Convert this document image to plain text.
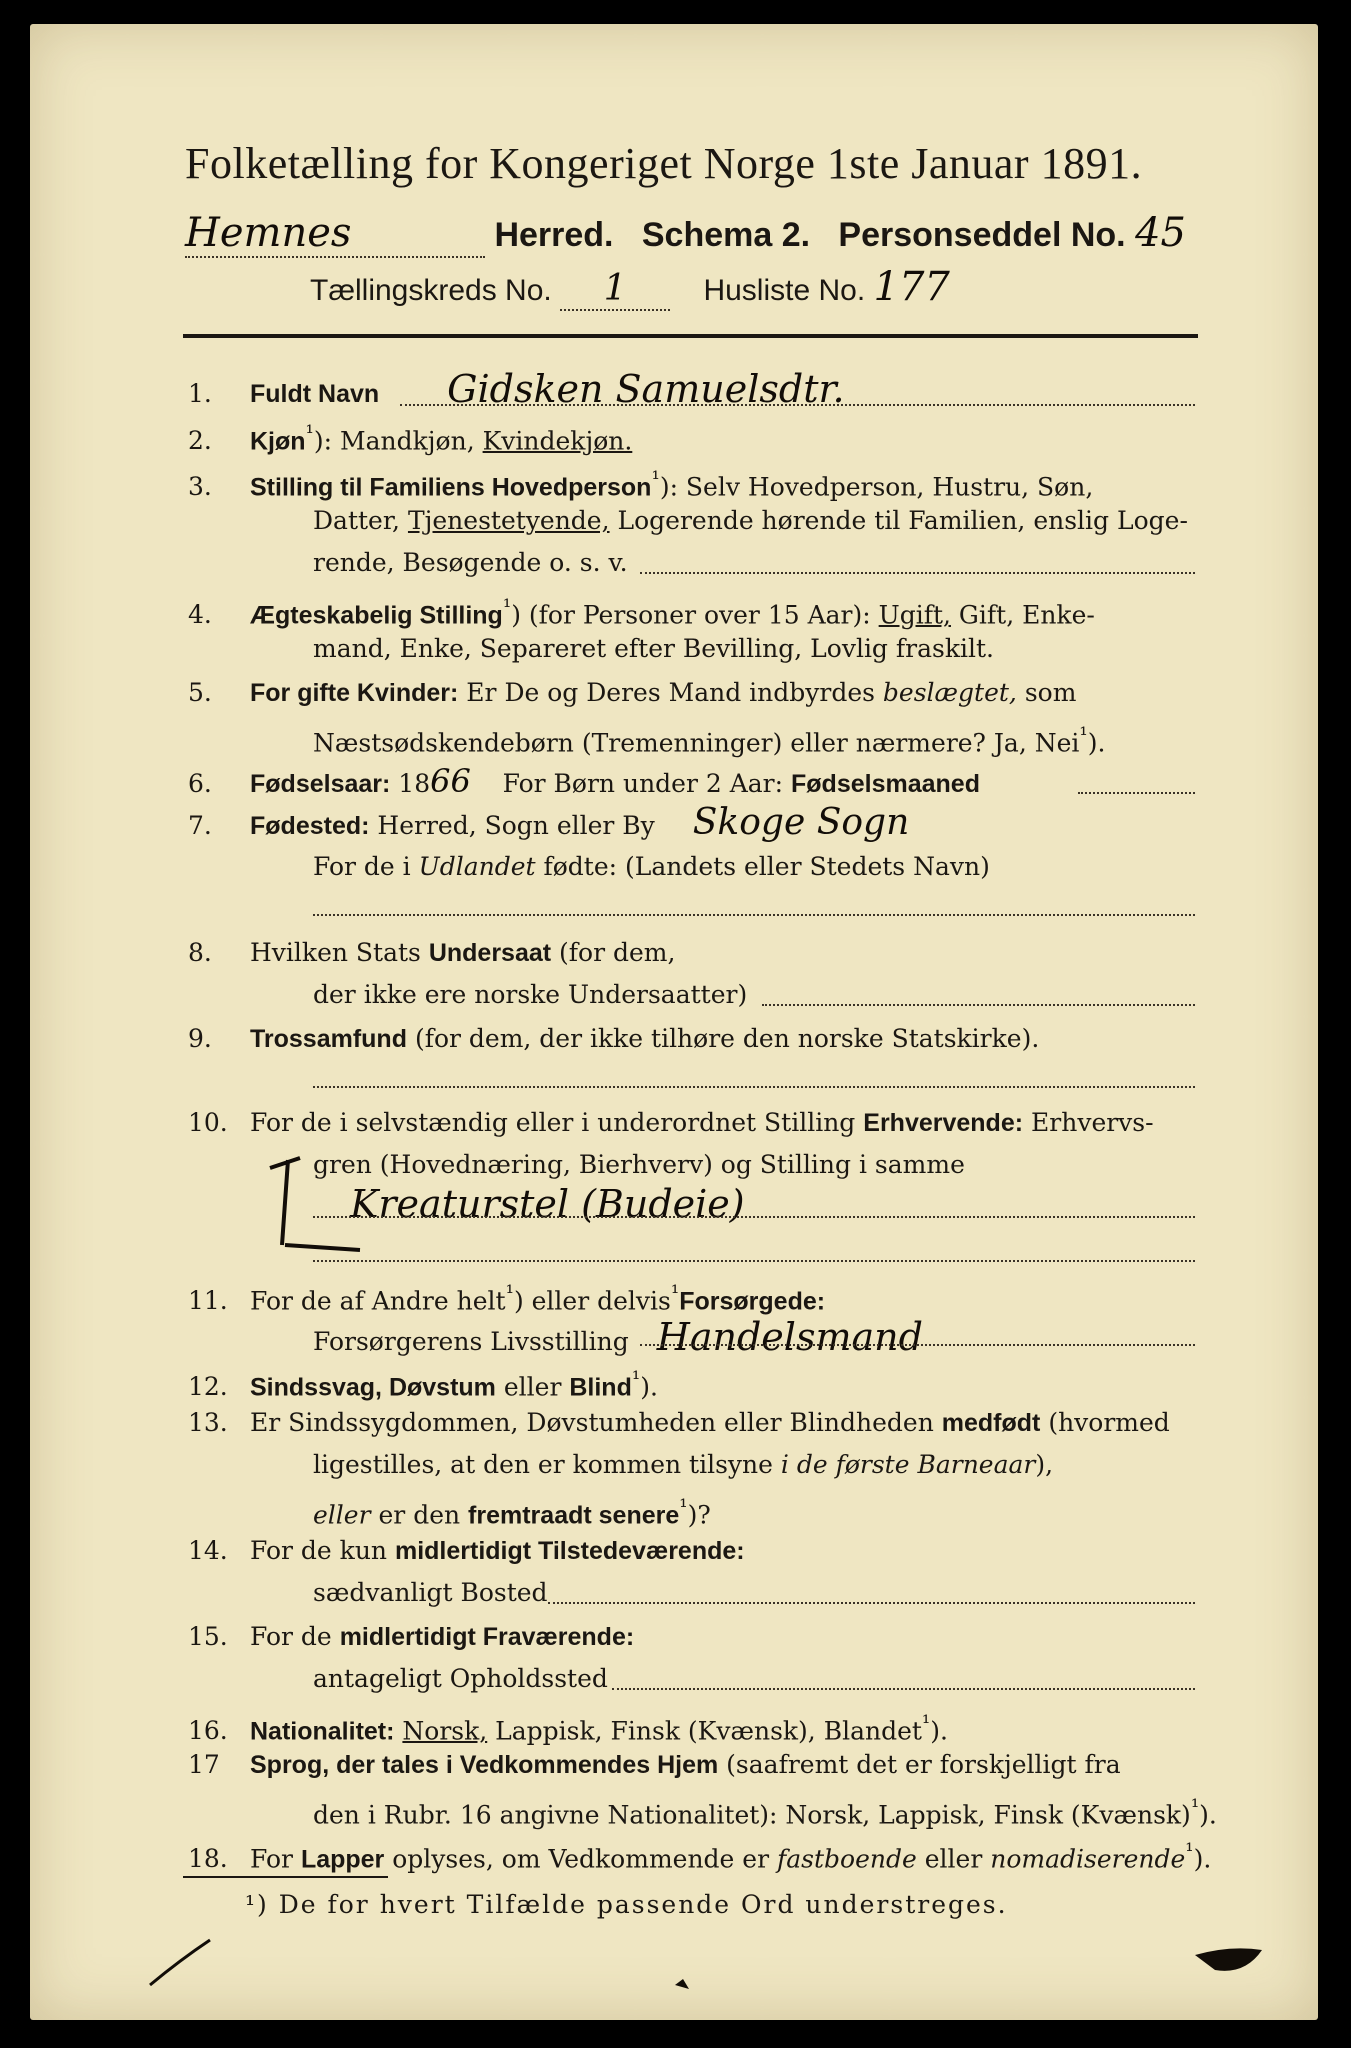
Folketælling for Kongeriget Norge 1ste Januar 1891.
Hemnes	Herred. Schema 2. Personseddel No. 45
Tællingskreds No. 1	Husliste No. 177
1. Fuldt Navn Gidsken Samuelsdtr.
2. Kjøn$^{^1}$): Mandkjøn, Kvindekjøn.
3. Stilling til Familiens Hovedperson$^{^1}$): Selv Hovedperson, Hustru, Søn,
Datter, Tjenestetyende, Logerende hørende til Familien, enslig Loge-
rende, Besøgende o. s. v.
4. Ægteskabelig Stilling$^{^1}$) (for Personer over 15 Aar): Ugift, Gift, Enke-
mand, Enke, Separeret efter Bevilling, Lovlig fraskilt.
5. For gifte Kvinder: Er De og Deres Mand indbyrdes beslægtet, som
Næstsødskendebørn (Tremenninger) eller nærmere? Ja, Nei$^{^1}$).
6. Fødselsaar: 1866 For Børn under 2 Aar: Fødselsmaaned
7. Fødested: Herred, Sogn eller By Skoge Sogn
For de i Udlandet fødte: (Landets eller Stedets Navn)
8. Hvilken Stats Undersaat (for dem,
der ikke ere norske Undersaatter)
9. Trossamfund (for dem, der ikke tilhøre den norske Statskirke).
10. For de i selvstændig eller i underordnet Stilling Erhvervende: Erhvervs-
gren (Hovednæring, Bierhverv) og Stilling i samme
Kreaturstel (Budeie)
11. For de af Andre helt$^{^1}$) eller delvis$^{^1}$Forsørgede:
Forsørgerens Livsstilling Handelsmand
12. Sindssvag, Døvstum eller Blind$^{^1}$).
13. Er Sindssygdommen, Døvstumheden eller Blindheden medfødt (hvormed
ligestilles, at den er kommen tilsyne i de første Barneaar),
eller er den fremtraadt senere$^{^1}$)?
14. For de kun midlertidigt Tilstedeværende:
sædvanligt Bosted
15. For de midlertidigt Fraværende:
antageligt Opholdssted
16. Nationalitet: Norsk, Lappisk, Finsk (Kvænsk), Blandet$^{^1}$).
17 Sprog, der tales i Vedkommendes Hjem (saafremt det er forskjelligt fra
den i Rubr. 16 angivne Nationalitet): Norsk, Lappisk, Finsk (Kvænsk)$^{^1}$).
18. For Lapper oplyses, om Vedkommende er fastboende eller nomadiserende$^{^1}$).
¹) De for hvert Tilfælde passende Ord understreges.
